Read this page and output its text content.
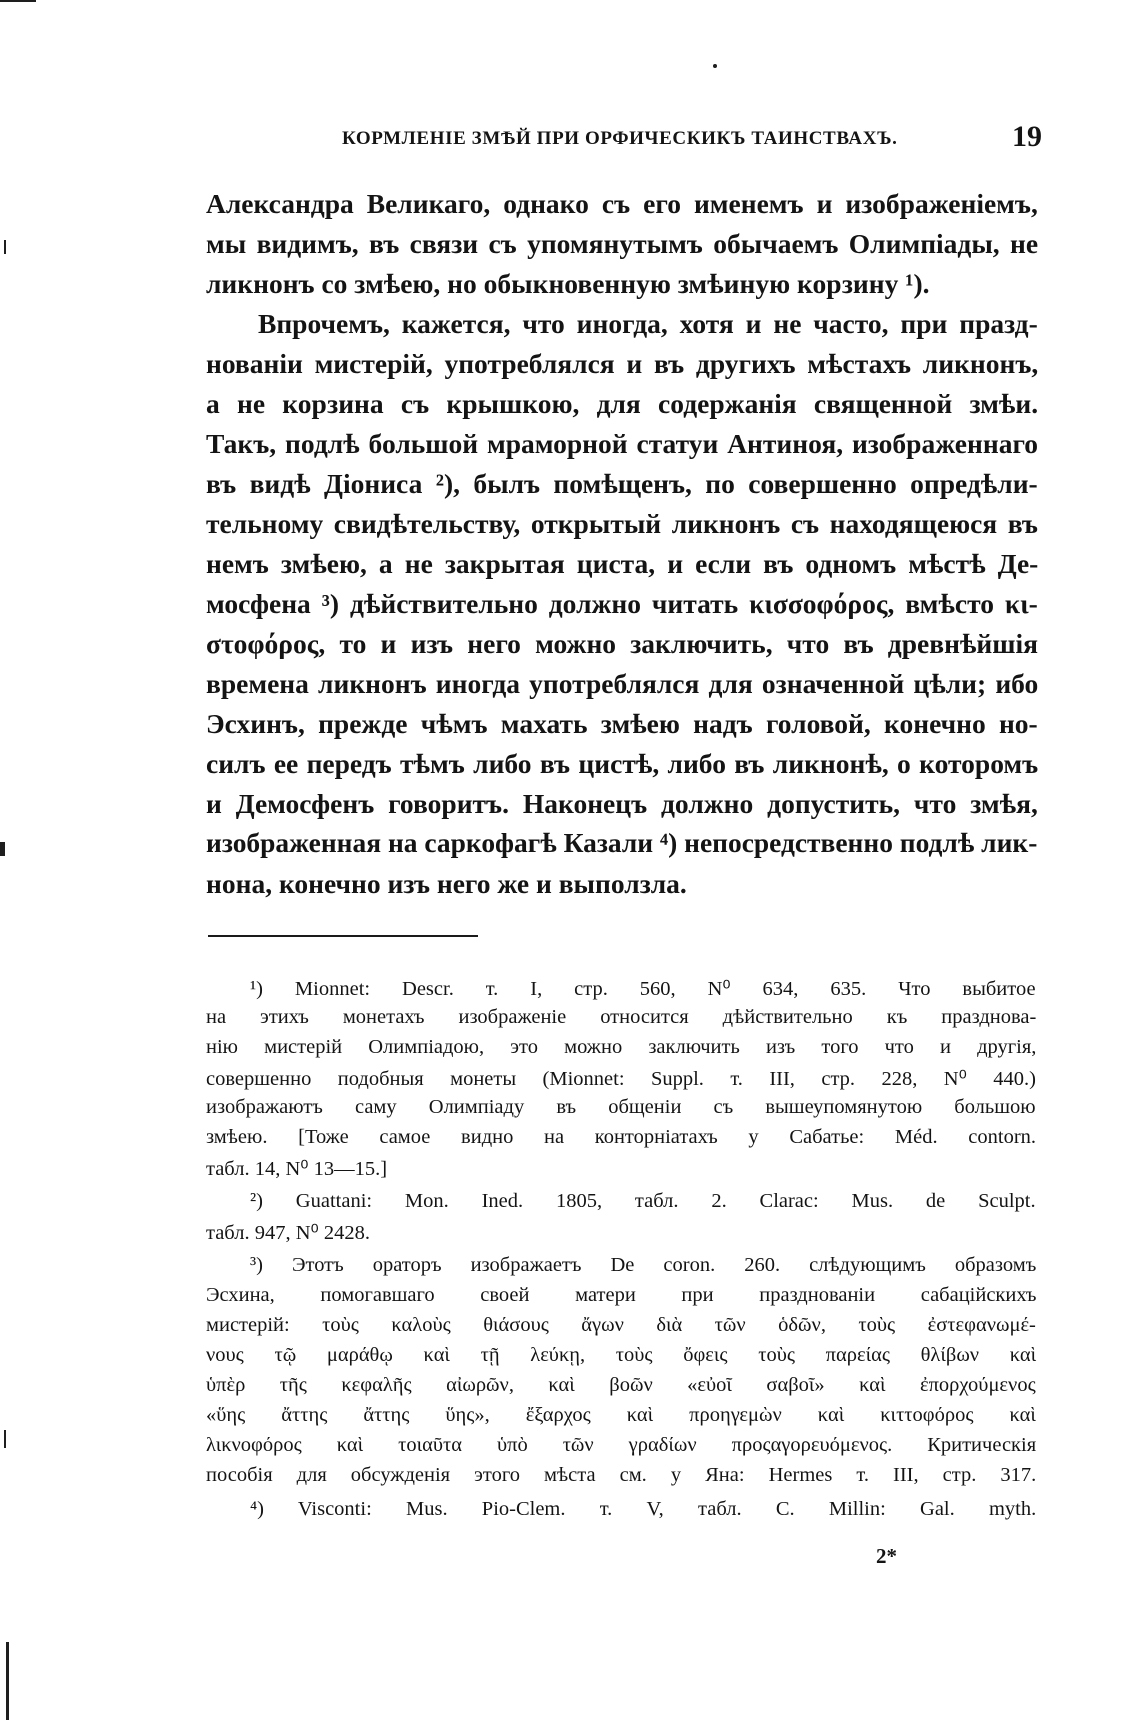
КОРМЛЕНІЕ ЗМѢЙ ПРИ ОРФИЧЕСКИКЪ ТАИНСТВАХЪ.	19
Александра Великаго, однако съ его именемъ и изображеніемъ,
мы видимъ, въ связи съ упомянутымъ обычаемъ Олимпіады, не
ликнонъ со змѣею, но обыкновенную змѣиную корзину ¹).
Впрочемъ, кажется, что иногда, хотя и не часто, при празд-
нованіи мистерій, употреблялся и въ другихъ мѣстахъ ликнонъ,
а не корзина съ крышкою, для содержанія священной змѣи.
Такъ, подлѣ большой мраморной статуи Антиноя, изображеннаго
въ видѣ Діониса ²), былъ помѣщенъ, по совершенно опредѣли-
тельному свидѣтельству, открытый ликнонъ съ находящеюся въ
немъ змѣею, а не закрытая циста, и если въ одномъ мѣстѣ Де-
мосфена ³) дѣйствительно должно читать κισσοφόρος, вмѣсто κι-
στοφόρος, то и изъ него можно заключить, что въ древнѣйшія
времена ликнонъ иногда употреблялся для означенной цѣли; ибо
Эсхинъ, прежде чѣмъ махать змѣею надъ головой, конечно но-
силъ ее передъ тѣмъ либо въ цистѣ, либо въ ликнонѣ, о которомъ
и Демосфенъ говоритъ. Наконецъ должно допустить, что змѣя,
изображенная на саркофагѣ Казали ⁴) непосредственно подлѣ лик-
нона, конечно изъ него же и выползла.
¹) Mionnet: Descr. т. I, стр. 560, N⁰ 634, 635. Что выбитое
на этихъ монетахъ изображеніе относится дѣйствительно къ празднова-
нію мистерій Олимпіадою, это можно заключить изъ того что и другія,
совершенно подобныя монеты (Mionnet: Suppl. т. III, стр. 228, N⁰ 440.)
изображаютъ саму Олимпіаду въ общеніи съ вышеупомянутою большою
змѣею. [Тоже самое видно на конторніатахъ у Сабатье: Méd. contorn.
табл. 14, N⁰ 13—15.]
²) Guattani: Mon. Ined. 1805, табл. 2. Clarac: Mus. de Sculpt.
табл. 947, N⁰ 2428.
³) Этотъ ораторъ изображаетъ De coron. 260. слѣдующимъ образомъ
Эсхина, помогавшаго своей матери при празднованіи сабацiйскихъ
мистерій: τοὺς καλοὺς θιάσους ἄγων διὰ τῶν ὁδῶν, τοὺς ἐστεφανωμέ-
νους τῷ μαράθῳ καὶ τῇ λεύκῃ, τοὺς ὄφεις τοὺς παρείας θλίβων καὶ
ὑπὲρ τῆς κεφαλῆς αἰωρῶν, καὶ βοῶν «εὐοῖ σαβοῖ» καὶ ἐπορχούμενος
«ὕης ἄττης ἄττης ὕης», ἔξαρχος καὶ προηγεμὼν καὶ κιττοφόρος καὶ
λικνοφόρος καὶ τοιαῦτα ὑπὸ τῶν γραδίων προςαγορευόμενος. Критическія
пособія для обсужденія этого мѣста см. у Яна: Hermes т. III, стр. 317.
⁴) Visconti: Mus. Pio-Clem. т. V, табл. C. Millin: Gal. myth.
2*
